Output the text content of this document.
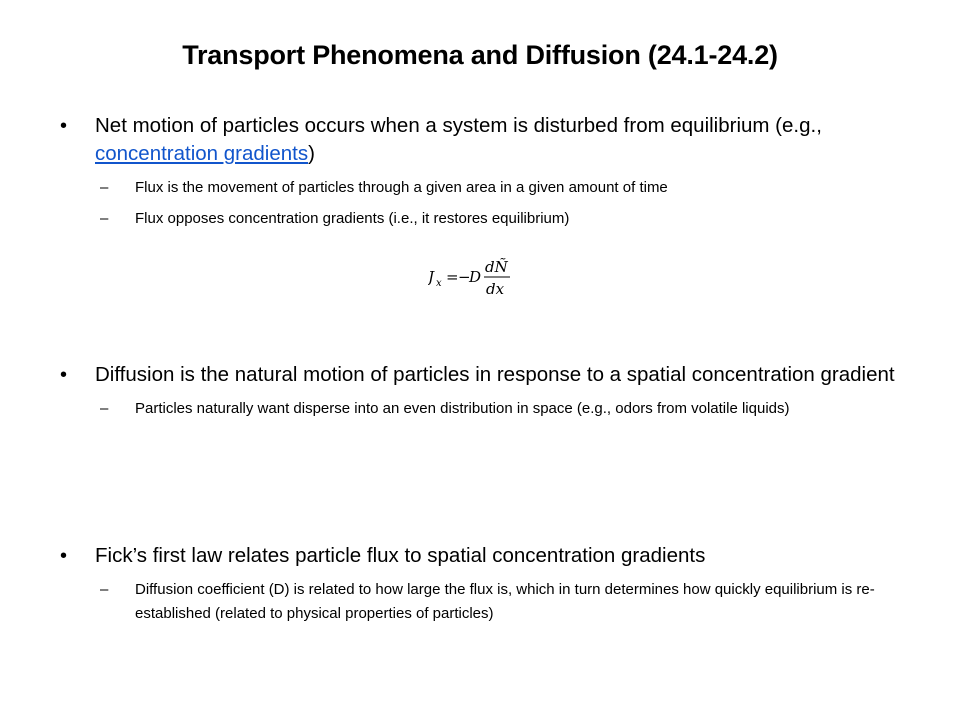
Transport Phenomena and Diffusion (24.1-24.2)
• Net motion of particles occurs when a system is disturbed from equilibrium (e.g., concentration gradients)
– Flux is the movement of particles through a given area in a given amount of time
– Flux opposes concentration gradients (i.e., it restores equilibrium)
J x = −
D
dÑ
dx
• Diffusion is the natural motion of particles in response to a spatial concentration gradient
– Particles naturally want disperse into an even distribution in space (e.g., odors from volatile liquids)
• Fick’s first law relates particle flux to spatial concentration gradients
– Diffusion coefficient (D) is related to how large the flux is, which in turn determines how quickly equilibrium is re-established (related to physical properties of particles)
